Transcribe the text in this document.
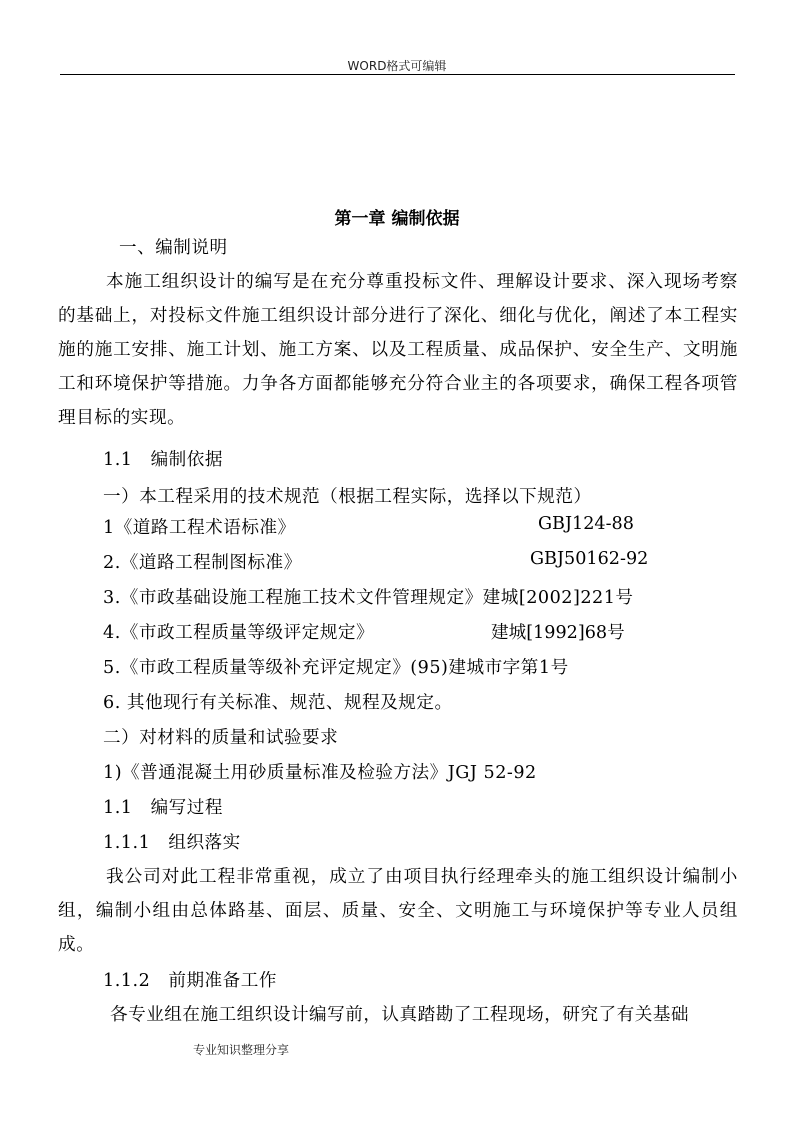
WORD格式可编辑
第一章 编制依据
一、编制说明
本施工组织设计的编写是在充分尊重投标文件、理解设计要求、深入现场考察的基础上，对投标文件施工组织设计部分进行了深化、细化与优化，阐述了本工程实施的施工安排、施工计划、施工方案、以及工程质量、成品保护、安全生产、文明施工和环境保护等措施。力争各方面都能够充分符合业主的各项要求，确保工程各项管理目标的实现。
1.1　编制依据
一）本工程采用的技术规范（根据工程实际，选择以下规范）
1《道路工程术语标准》	GBJ124-88
2.《道路工程制图标准》	GBJ50162-92
3.《市政基础设施工程施工技术文件管理规定》建城[2002]221号
4.《市政工程质量等级评定规定》	建城[1992]68号
5.《市政工程质量等级补充评定规定》(95)建城市字第1号
6. 其他现行有关标准、规范、规程及规定。
二）对材料的质量和试验要求
1)《普通混凝土用砂质量标准及检验方法》JGJ 52-92
1.1　编写过程
1.1.1　组织落实
我公司对此工程非常重视，成立了由项目执行经理牵头的施工组织设计编制小组，编制小组由总体路基、面层、质量、安全、文明施工与环境保护等专业人员组成。
1.1.2　前期准备工作
各专业组在施工组织设计编写前，认真踏勘了工程现场，研究了有关基础
专业知识整理分享
